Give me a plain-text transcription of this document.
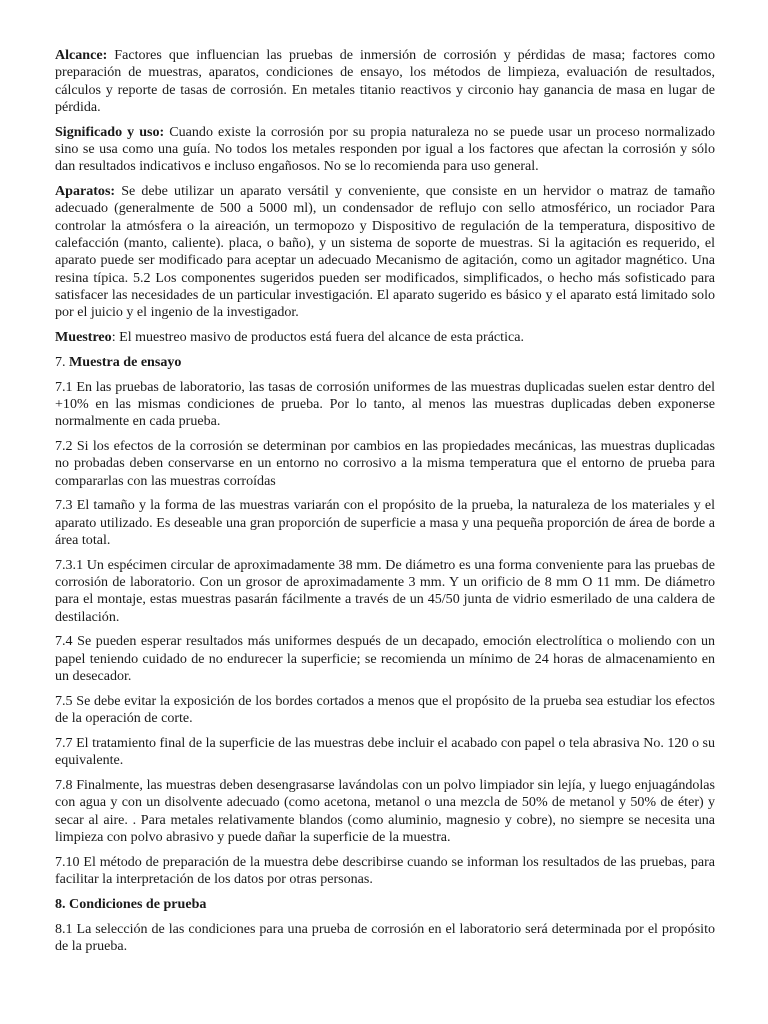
Alcance: Factores que influencian las pruebas de inmersión de corrosión y pérdidas de masa; factores como preparación de muestras, aparatos, condiciones de ensayo, los métodos de limpieza, evaluación de resultados, cálculos y reporte de tasas de corrosión. En metales titanio reactivos y circonio hay ganancia de masa en lugar de pérdida.

Significado y uso: Cuando existe la corrosión por su propia naturaleza no se puede usar un proceso normalizado sino se usa como una guía. No todos los metales responden por igual a los factores que afectan la corrosión y sólo dan resultados indicativos e incluso engañosos. No se lo recomienda para uso general.

Aparatos: Se debe utilizar un aparato versátil y conveniente, que consiste en un hervidor o matraz de tamaño adecuado (generalmente de 500 a 5000 ml), un condensador de reflujo con sello atmosférico, un rociador Para controlar la atmósfera o la aireación, un termopozo y Dispositivo de regulación de la temperatura, dispositivo de calefacción (manto, caliente). placa, o baño), y un sistema de soporte de muestras. Si la agitación es requerido, el aparato puede ser modificado para aceptar un adecuado Mecanismo de agitación, como un agitador magnético. Una resina típica. 5.2 Los componentes sugeridos pueden ser modificados, simplificados, o hecho más sofisticado para satisfacer las necesidades de un particular investigación. El aparato sugerido es básico y el aparato está limitado solo por el juicio y el ingenio de la investigador.

Muestreo: El muestreo masivo de productos está fuera del alcance de esta práctica.

7. Muestra de ensayo

7.1 En las pruebas de laboratorio, las tasas de corrosión uniformes de las muestras duplicadas suelen estar dentro del +10% en las mismas condiciones de prueba. Por lo tanto, al menos las muestras duplicadas deben exponerse normalmente en cada prueba.

7.2 Si los efectos de la corrosión se determinan por cambios en las propiedades mecánicas, las muestras duplicadas no probadas deben conservarse en un entorno no corrosivo a la misma temperatura que el entorno de prueba para compararlas con las muestras corroídas

7.3 El tamaño y la forma de las muestras variarán con el propósito de la prueba, la naturaleza de los materiales y el aparato utilizado. Es deseable una gran proporción de superficie a masa y una pequeña proporción de área de borde a área total.

7.3.1 Un espécimen circular de aproximadamente 38 mm. De diámetro es una forma conveniente para las pruebas de corrosión de laboratorio. Con un grosor de aproximadamente 3 mm. Y un orificio de 8 mm O 11 mm. De diámetro para el montaje, estas muestras pasarán fácilmente a través de un 45/50 junta de vidrio esmerilado de una caldera de destilación.

7.4 Se pueden esperar resultados más uniformes después de un decapado, emoción electrolítica o moliendo con un papel teniendo cuidado de no endurecer la superficie; se recomienda un mínimo de 24 horas de almacenamiento en un desecador.

7.5 Se debe evitar la exposición de los bordes cortados a menos que el propósito de la prueba sea estudiar los efectos de la operación de corte.

7.7 El tratamiento final de la superficie de las muestras debe incluir el acabado con papel o tela abrasiva No. 120 o su equivalente.

7.8 Finalmente, las muestras deben desengrasarse lavándolas con un polvo limpiador sin lejía, y luego enjuagándolas con agua y con un disolvente adecuado (como acetona, metanol o una mezcla de 50% de metanol y 50% de éter) y secar al aire. . Para metales relativamente blandos (como aluminio, magnesio y cobre), no siempre se necesita una limpieza con polvo abrasivo y puede dañar la superficie de la muestra.

7.10 El método de preparación de la muestra debe describirse cuando se informan los resultados de las pruebas, para facilitar la interpretación de los datos por otras personas.

8. Condiciones de prueba

8.1 La selección de las condiciones para una prueba de corrosión en el laboratorio será determinada por el propósito de la prueba.
